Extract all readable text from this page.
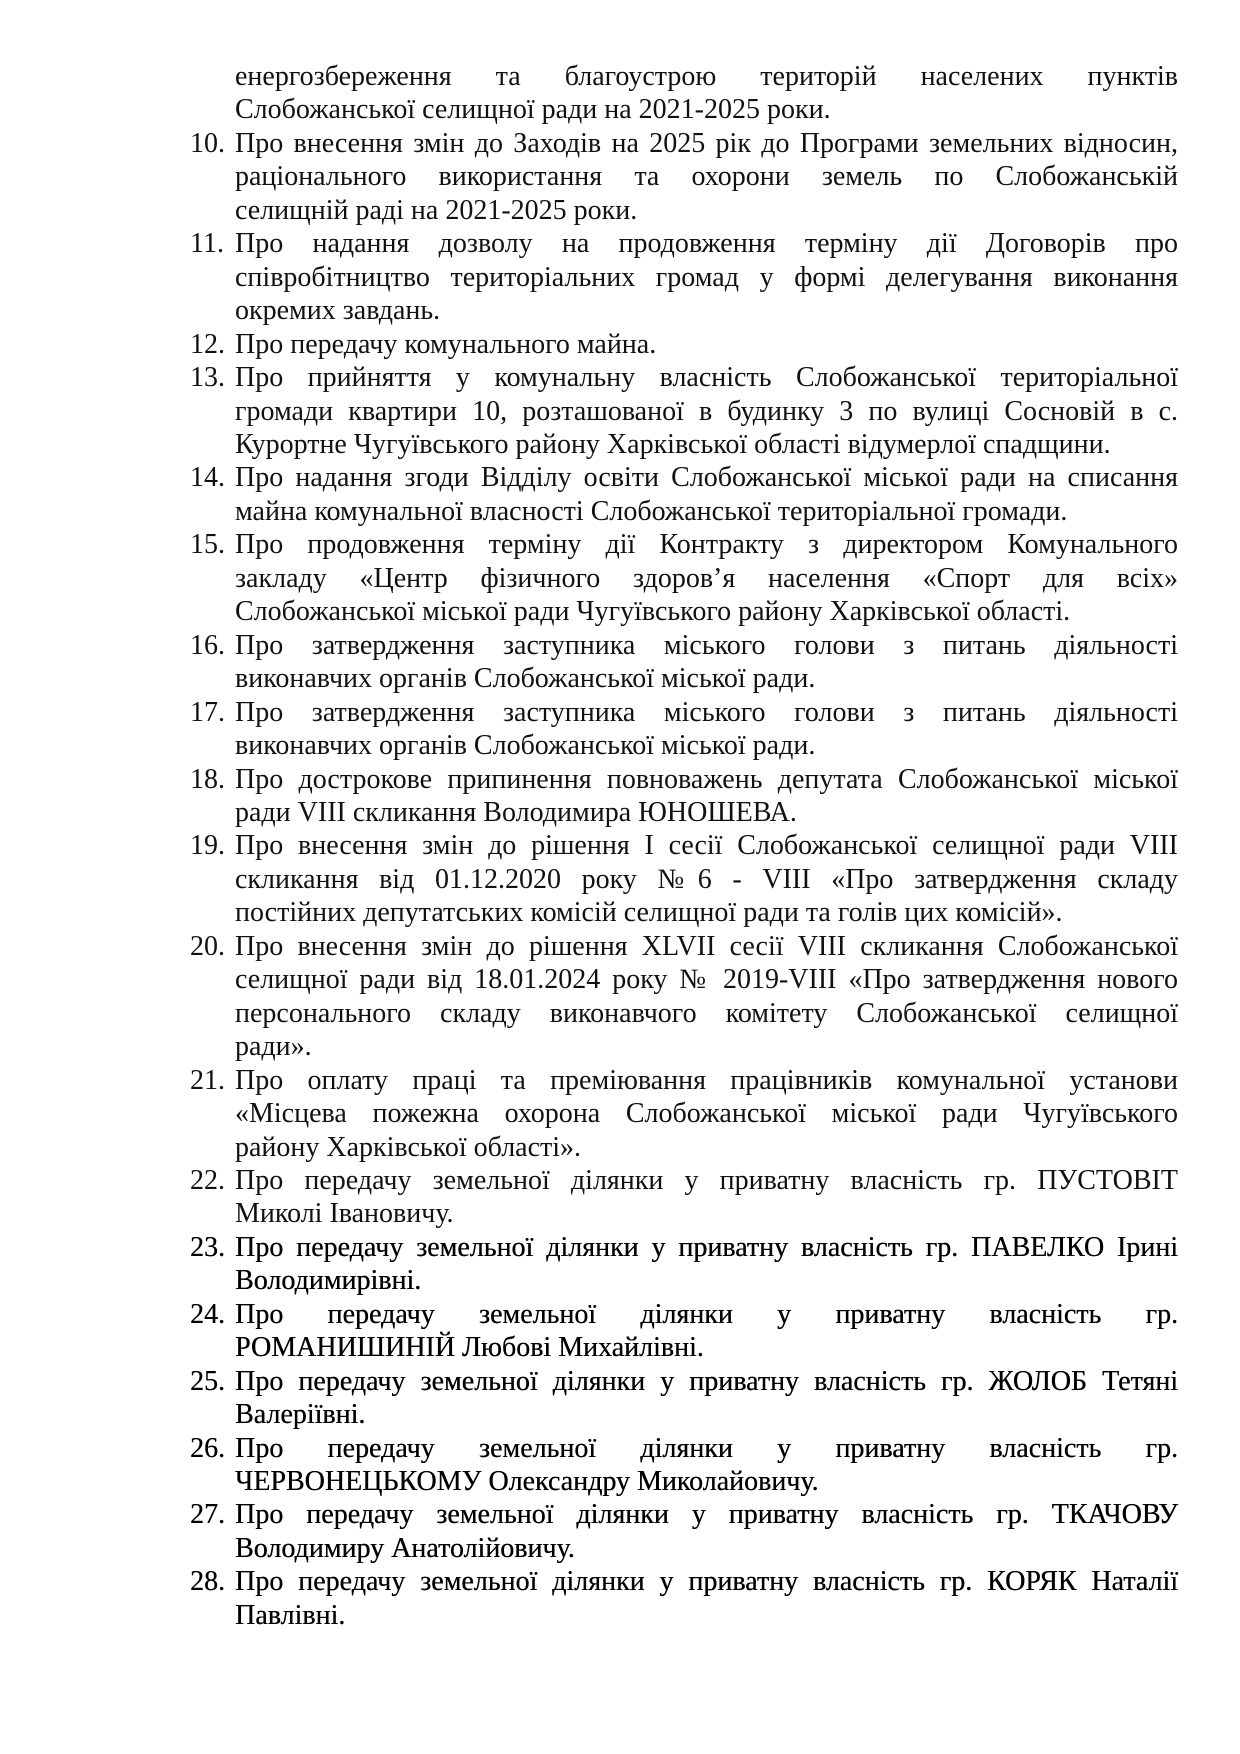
енергозбереження та благоустрою територій населених пунктів
Слобожанської селищної ради на 2021-2025 роки.
10. Про внесення змін до Заходів на 2025 рік до Програми земельних відносин,
раціонального використання та охорони земель по Слобожанській
селищній раді на 2021-2025 роки.
11. Про надання дозволу на продовження терміну дії Договорів про
співробітництво територіальних громад у формі делегування виконання
окремих завдань.
12. Про передачу комунального майна.
13. Про прийняття у комунальну власність Слобожанської територіальної
громади квартири 10, розташованої в будинку 3 по вулиці Сосновій в с.
Курортне Чугуївського району Харківської області відумерлої спадщини.
14. Про надання згоди Відділу освіти Слобожанської міської ради на списання
майна комунальної власності Слобожанської територіальної громади.
15. Про продовження терміну дії Контракту з директором Комунального
закладу «Центр фізичного здоров’я населення «Спорт для всіх»
Слобожанської міської ради Чугуївського району Харківської області.
16. Про затвердження заступника міського голови з питань діяльності
виконавчих органів Слобожанської міської ради.
17. Про затвердження заступника міського голови з питань діяльності
виконавчих органів Слобожанської міської ради.
18. Про дострокове припинення повноважень депутата Слобожанської міської
ради VIII скликання Володимира ЮНОШЕВА.
19. Про внесення змін до рішення І сесії Слобожанської селищної ради VIII
скликання від 01.12.2020 року №6 - VIII «Про затвердження складу
постійних депутатських комісій селищної ради та голів цих комісій».
20. Про внесення змін до рішення XLVII сесії VIII скликання Слобожанської
селищної ради від 18.01.2024 року № 2019-VIII «Про затвердження нового
персонального складу виконавчого комітету Слобожанської селищної
ради».
21. Про оплату праці та преміювання працівників комунальної установи
«Місцева пожежна охорона Слобожанської міської ради Чугуївського
району Харківської області».
22. Про передачу земельної ділянки у приватну власність гр. ПУСТОВІТ
Миколі Івановичу.
23. Про передачу земельної ділянки у приватну власність гр. ПАВЕЛКО Ірині
Володимирівні.
24. Про передачу земельної ділянки у приватну власність гр.
РОМАНИШИНІЙ Любові Михайлівні.
25. Про передачу земельної ділянки у приватну власність гр. ЖОЛОБ Тетяні
Валеріївні.
26. Про передачу земельної ділянки у приватну власність гр.
ЧЕРВОНЕЦЬКОМУ Олександру Миколайовичу.
27. Про передачу земельної ділянки у приватну власність гр. ТКАЧОВУ
Володимиру Анатолійовичу.
28. Про передачу земельної ділянки у приватну власність гр. КОРЯК Наталії
Павлівні.
